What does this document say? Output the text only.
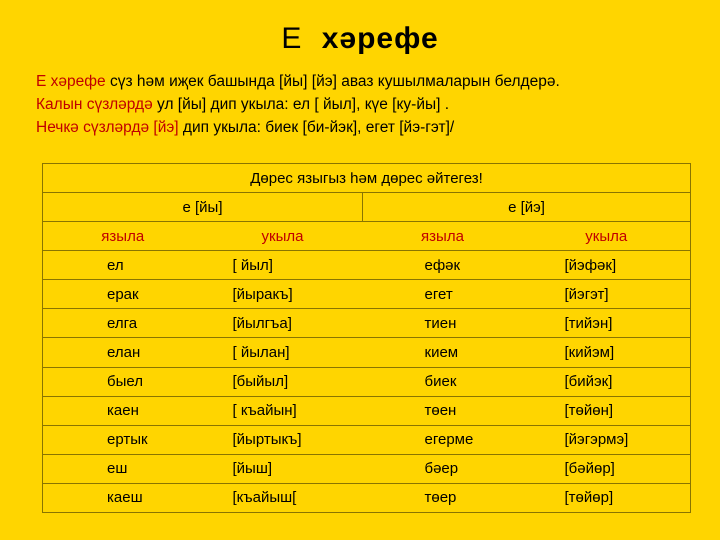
Е хәрефе
Е хәрефе сүз һәм иҗек башында [йы] [йэ] аваз кушылмаларын белдерә.
Калын сүзләрдә ул [йы] дип укыла: ел [ йыл], күе [ку-йы] .
Нечкә сүзләрдә [йэ] дип укыла: биек [би-йэк], егет [йэ-гэт]/
Дөрес языгыз һәм дөрес әйтегез!			
е [йы]		е [йэ]	
языла	укыла	языла	укыла
ел	[ йыл]	ефәк	[йэфәк]
ерак	[йыракъ]	егет	[йэгэт]
елга	[йылгъа]	тиен	[тийэн]
елан	[ йылан]	кием	[кийэм]
быел	[быйыл]	биек	[бийэк]
каен	[ къайын]	төен	[төйөн]
ертык	[йыртыкъ]	егерме	[йэгэрмэ]
еш	[йыш]	бәер	[бәйөр]
каеш	[къайыш[	төер	[төйөр]
